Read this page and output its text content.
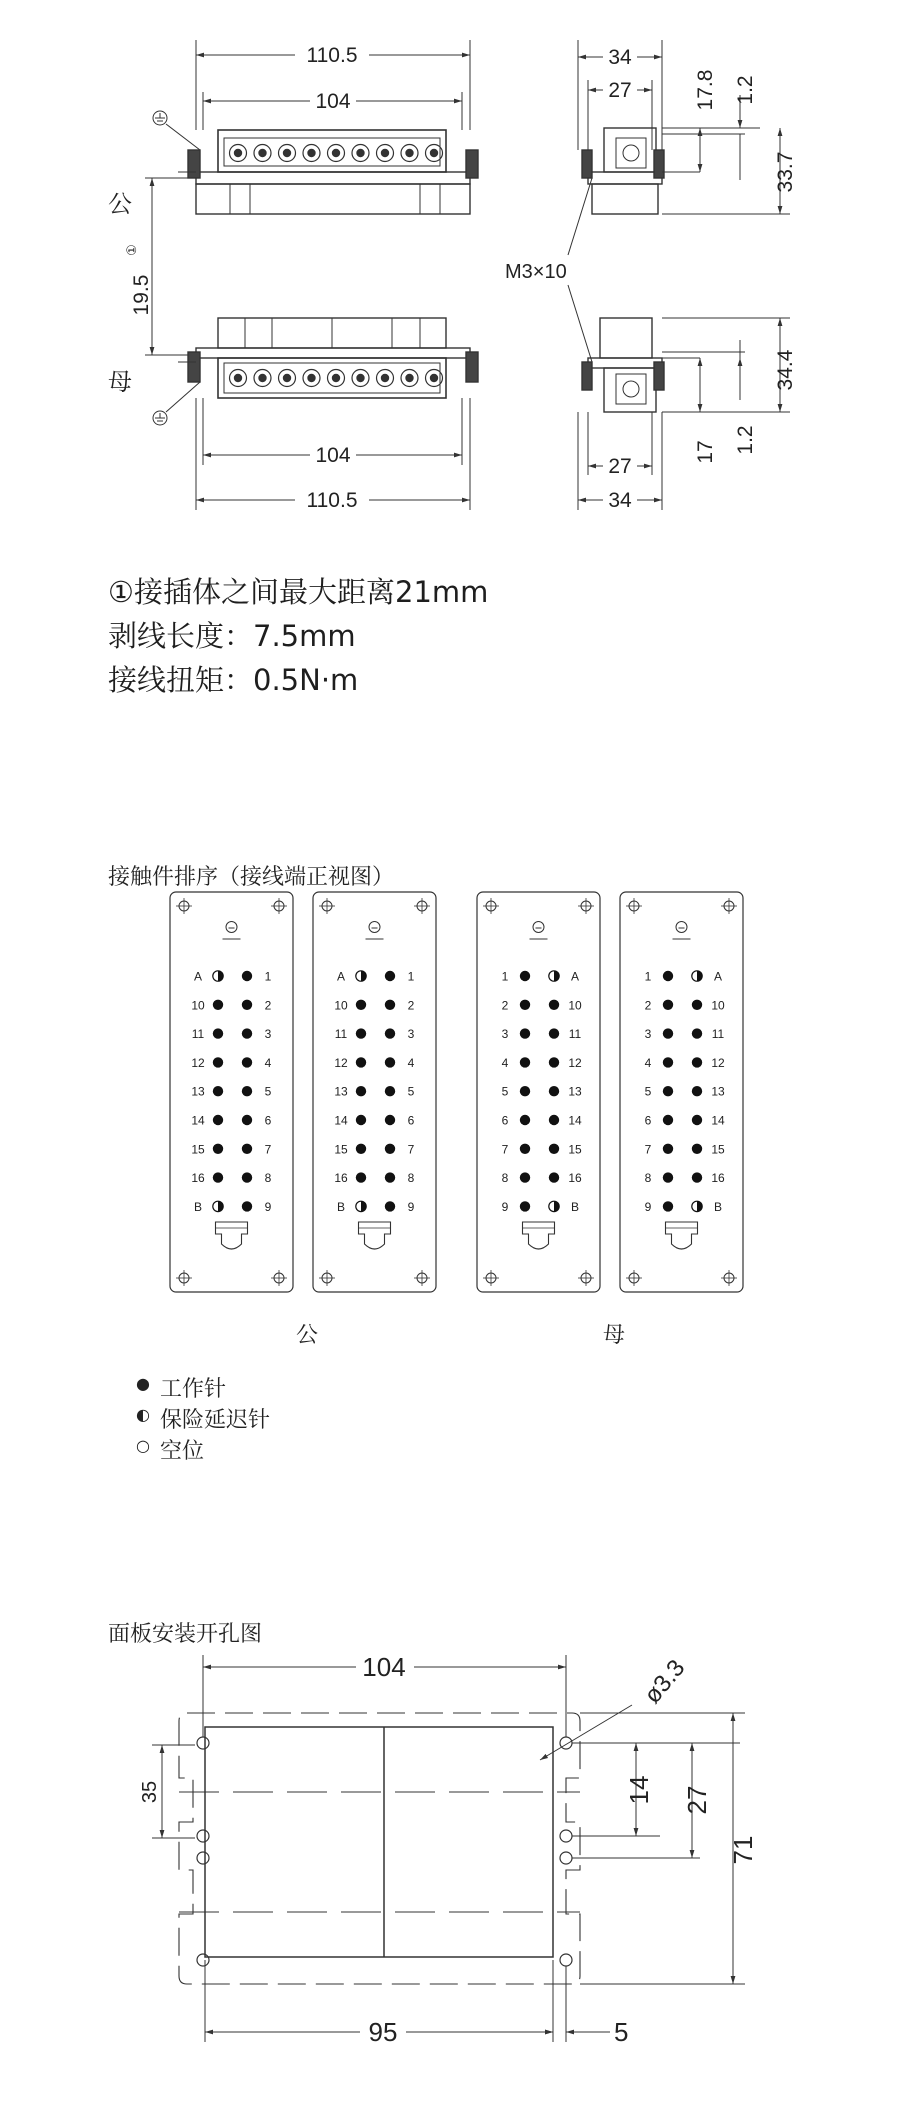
110.5
104
104
110.5
19.5
①
公
母
34
27	17.8 1.2
33.7
M3×10
34.4
17 1.2
27
34
A	1
10	2
11	3
12	4
13	5
14	6
15	7
16	8
B	9
A	1
10	2
11	3
12	4
13	5
14	6
15	7
16	8
B	9
1	A
2	10
3	11
4	12
5	13
6	14
7	15
8	16
9	B
1	A
2	10
3	11
4	12
5	13
6	14
7	15
8	16
9	B
公	母
104	ø3.3
14 27
71
35
95	5
①接插体之间最大距离21mm
剥线长度：7.5mm
接线扭矩：0.5N·m
接触件排序（接线端正视图）
面板安装开孔图
● 工作针
◐ 保险延迟针
○ 空位
